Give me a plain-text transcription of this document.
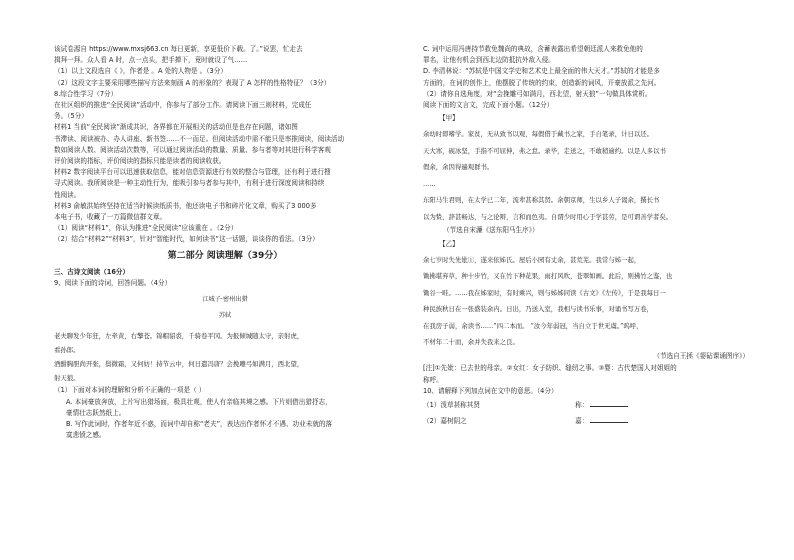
该试卷源自 https://www.mxsj663.cn 每日更新，享更低价下载。了。”说罢，忙走去
揖拜一拜。众人看 A 时，点一点头，把手掸下，竟时就设了气……
（1）以上文段选自《 》，作者是 。A 处的人物是 。（3分）
（2）这段文字主要采用哪些描写方法来刻画 A 的形象的？表现了 A 怎样的性格特征？（3分）
8.综合性学习（7分）
在社区组织的推进“全民阅读”活动中，你参与了部分工作。请阅读下面三则材料，完成任
务。（5分）
材料1 当前“全民阅读”渐成共识，各界都在开展相关的活动但是也存在问题，诸如图
书滞读、阅读被办、办人讲座、新书签……不一而足。但阅读活动中需不能只是率推阅读，阅读活动
数如阅读人数、阅读活动次数等，可以通过阅读活动的数量、质量、参与者等对其进行科学客观
评价阅读的指标，评价阅读的指标只能是读者的阅读收获。
材料2 数字阅读平台可以迅速获取信息，能对信息资源进行有效的整合与管理，还有利于进行搜
寻式阅读。我所阅读是一种主动性行为，能吸引参与者参与其中，有利于进行深度阅读和持续
性阅读。
材料3 俞敏洪始终坚持在适当时候读纸质书，他还读电子书和碎片化文章，购买了3 000多
本电子书，收藏了一万篇微信群文章。
（1）阅读“材料1”，你认为推进“全民阅读”应该重在 。（2分）
（2）结合“材料2”“材料3”，针对“智能时代，如何读书”这一话题，谈谈你的看法。（3分）
第二部分 阅读理解（39分）
三、古诗文阅读（16分）
9、阅读下面的诗词，回答问题。（4分）
江城子·密州出猎
苏轼
老夫聊发少年狂，左牵黄，右擎苍。锦帽貂裘，千骑卷平冈。为报倾城随太守，亲射虎，
看孙郎。
酒酣胸胆尚开张，鬓微霜，又何妨！持节云中，何日遣冯唐？会挽雕弓如满月，西北望，
射天狼。
（1）下面对本词的理解和分析不正确的一项是（ ）
A. 本词豪放奔放，上片写出猎场面，极具壮观，使人有亲临其境之感。下片则借出猎抒志，
豪情壮志跃然纸上。
B. 写作此词时，作者年近不惑，而词中却自称“老夫”，表达出作者怀才不遇、功业未就的落
寞悲愤之感。
C. 词中运用冯唐持节救免魏尚的典故，含蓄表露出希望朝廷派人来救免他的
罪名，让他有机会到西北边防抵抗外敌入侵。
D. 李清林说：“苏轼是中国文学史和艺术史上最全面的伟大天才。”苏轼的才能是多
方面的，在词的创作上，他摆脱了传统的约束，创造新的词风，开豪放派之先河。
（2）请你自选角度，对“会挽雕弓如满月，西北望，射天狼”一句做具体赏析。
阅读下面的文言文，完成下面小题。（12分）
【甲】
余幼时即嗜学。家贫，无从致书以观，每假借于藏书之家，手自笔录，计日以还。
天大寒，砚冰坚，手指不可屈伸，弗之怠。录毕，走送之，不敢稍逾约。以是人多以书
假余，余因得遍观群书。
……
东阳马生君则，在太学已二年，流辈甚称其贤。余朝京师，生以乡人子谒余，撰长书
以为贽，辞甚畅达，与之论辩，言和而色夷。自谓少时用心于学甚劳，是可谓善学者矣。
（节选自宋濂《送东阳马生序》）
【乙】
余七岁时失先妣①，遂来依姊氏。屋后小园有丈余，甚荒芜。我常与姊一起，
锄拂堪弃草，种十步竹，又在竹下种花果，雨打风吹，苍翠如画。此后，则拂竹之鉴，也
锄谷一畦。……我在姊家时，有时乘兴，则与姊姊同读《古文》《左传》，于是我每日一
种民族秋日在一张盛装余内。日出，乃送入室，我相与读书乐事，对诵书写万卷，
在我房子弱，余读书……”四二本而。 “汝今年弱冠，当自立于世无虞。”呜呼，
不材年二十而，余并失我来之良。
（节选自王拯《媭砧课诵图序》）
[注]①先妣：已去世的母亲。②女红：女子纺织、缝纫之事。③婴：古代楚国人对姐姐的
称呼。
10、请解释下列加点词在文中的意思。（4分）
（1）泼草甚称其贤	称：
（2）嘉树阴之	嘉：
